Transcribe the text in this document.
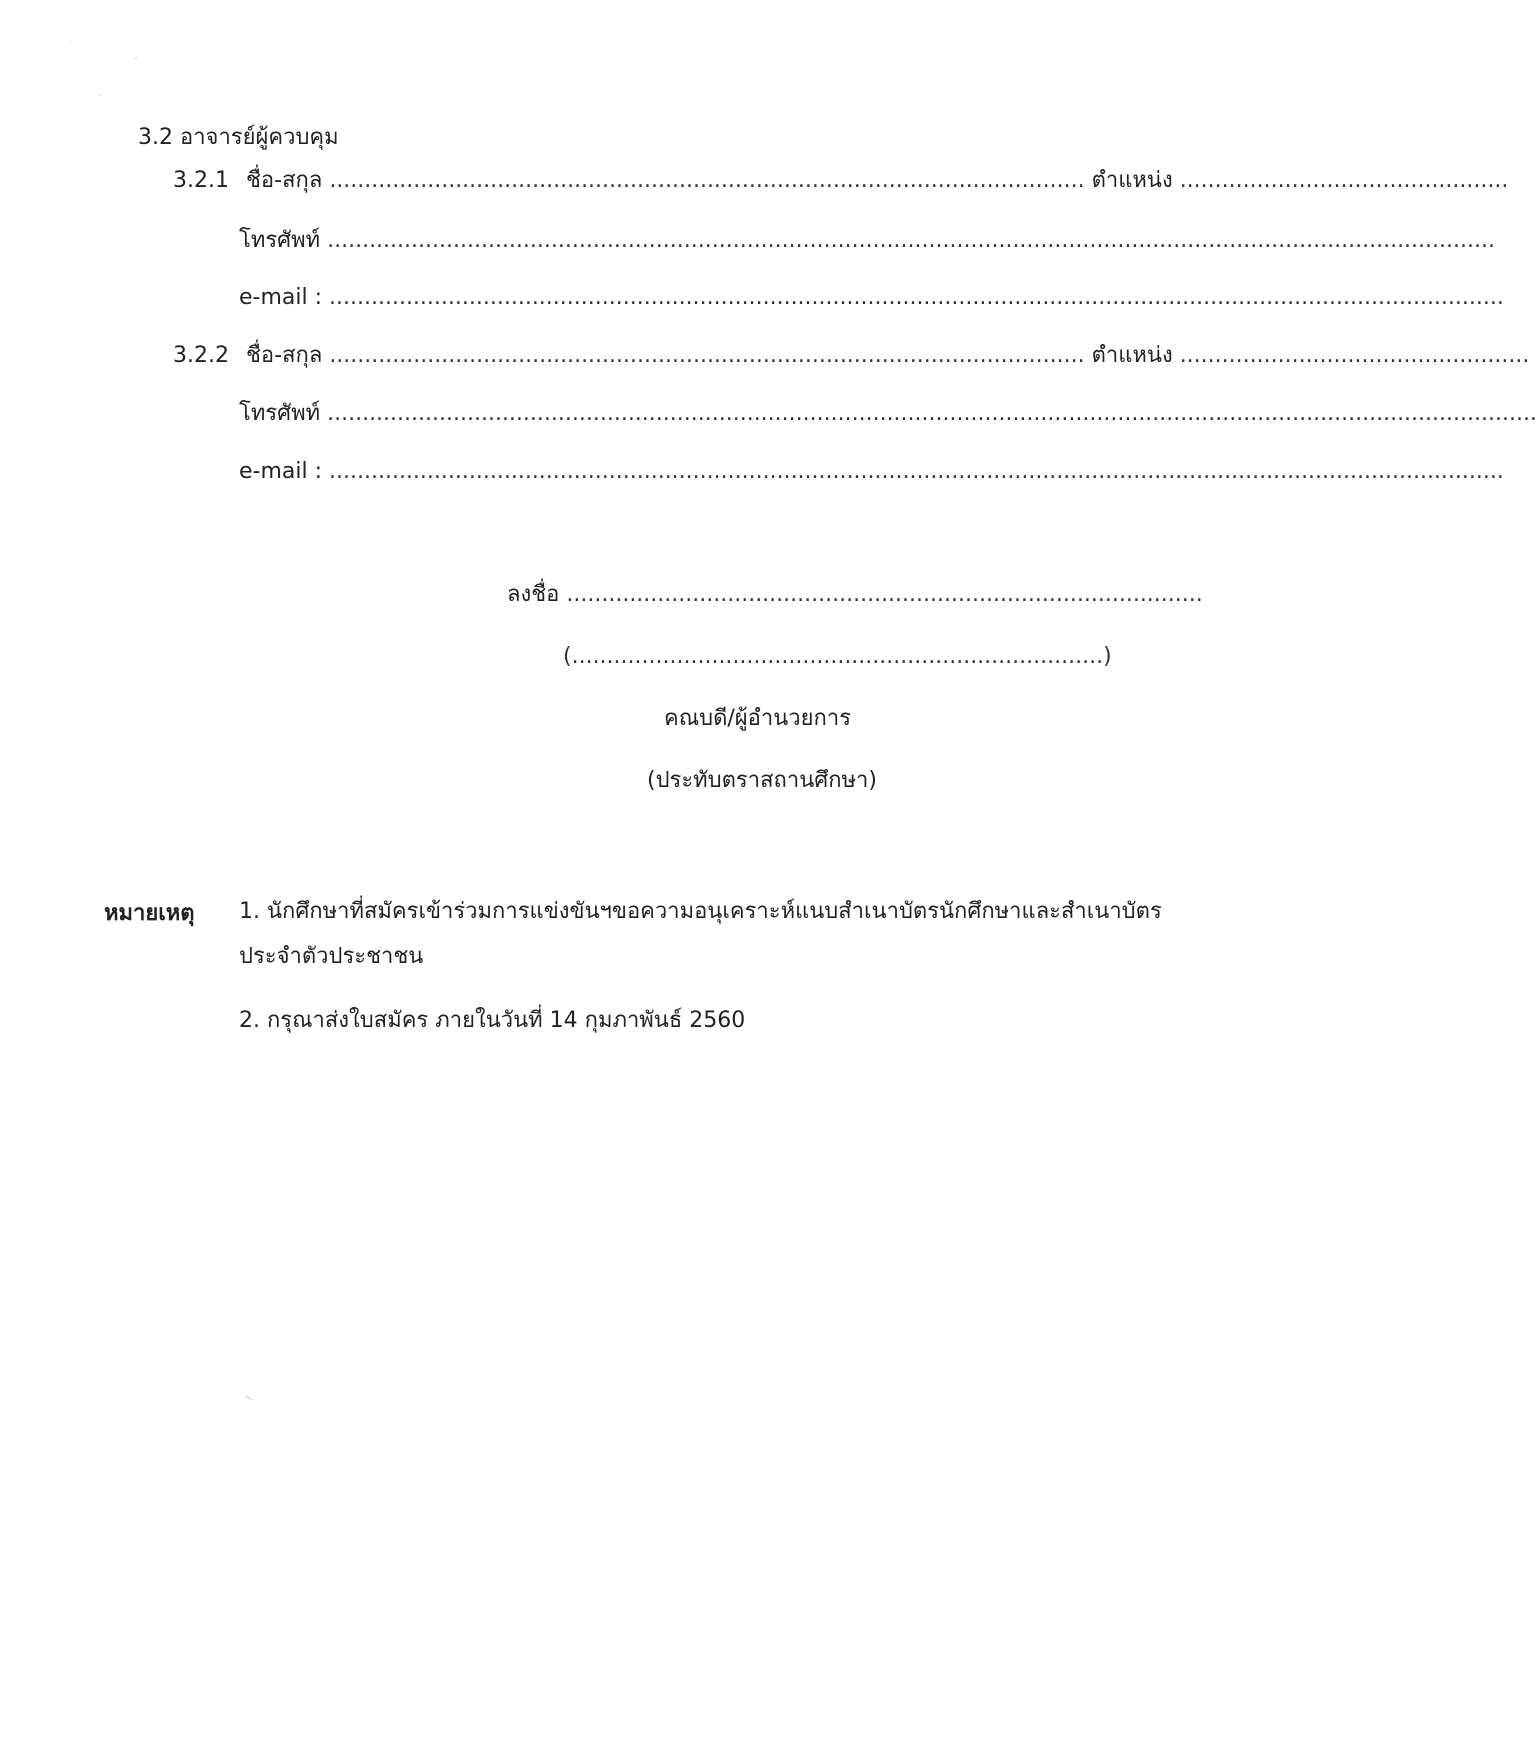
·
ˇ
·
─
3.2 อาจารย์ผู้ควบคุม
3.2.1 ชื่อ-สกุล ............................................................................................................ ตำแหน่ง ...............................................
โทรศัพท์ .......................................................................................................................................................................
e-mail : ........................................................................................................................................................................
3.2.2 ชื่อ-สกุล ............................................................................................................ ตำแหน่ง ..................................................
โทรศัพท์ .............................................................................................................................................................................
e-mail : ........................................................................................................................................................................
ลงชื่อ ...........................................................................................
(............................................................................)
คณบดี/ผู้อำนวยการ
(ประทับตราสถานศึกษา)
หมายเหตุ 1. นักศึกษาที่สมัครเข้าร่วมการแข่งขันฯขอความอนุเคราะห์แนบสำเนาบัตรนักศึกษาและสำเนาบัตร
ประจำตัวประชาชน
2. กรุณาส่งใบสมัคร ภายในวันที่ 14 กุมภาพันธ์ 2560
